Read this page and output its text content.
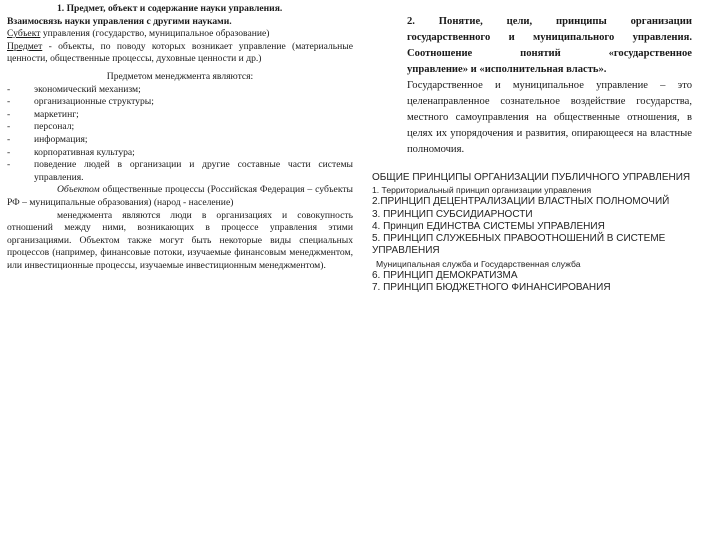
1. Предмет, объект и содержание науки управления.

Взаимосвязь науки управления с другими науками.

Субъект управления (государство, муниципальное образование)

Предмет - объекты, по поводу которых возникает управление (материальные ценности, общественные процессы, духовные ценности и др.)

Предметом менеджмента являются:

- экономический механизм;
- организационные структуры;
- маркетинг;
- персонал;
- информация;
- корпоративная культура;
- поведение людей в организации и другие составные части системы управления.

Объектом общественные процессы (Российская Федерация – субъекты РФ – муниципальные образования) (народ - население)

менеджмента являются люди в организациях и совокупность отношений между ними, возникающих в процессе управления этими организациями. Объектом также могут быть некоторые виды специальных процессов (например, финансовые потоки, изучаемые финансовым менеджментом, или инвестиционные процессы, изучаемые инвестиционным менеджментом).

2. Понятие, цели, принципы организации государственного и муниципального управления.

Соотношение понятий «государственное

управление» и «исполнительная власть».

Государственное и муниципальное управление – это целенаправленное сознательное воздействие государства, местного самоуправления на общественные отношения, в целях их упорядочения и развития, опирающееся на властные полномочия.

ОБЩИЕ ПРИНЦИПЫ ОРГАНИЗАЦИИ ПУБЛИЧНОГО УПРАВЛЕНИЯ

1. Территориальный принцип организации управления

2.ПРИНЦИП ДЕЦЕНТРАЛИЗАЦИИ ВЛАСТНЫХ ПОЛНОМОЧИЙ

3. ПРИНЦИП СУБСИДИАРНОСТИ

4. Принцип ЕДИНСТВА СИСТЕМЫ УПРАВЛЕНИЯ

5. ПРИНЦИП СЛУЖЕБНЫХ ПРАВООТНОШЕНИЙ В СИСТЕМЕ УПРАВЛЕНИЯ

Муниципальная служба и Государственная служба

6. ПРИНЦИП ДЕМОКРАТИЗМА

7. ПРИНЦИП БЮДЖЕТНОГО ФИНАНСИРОВАНИЯ
